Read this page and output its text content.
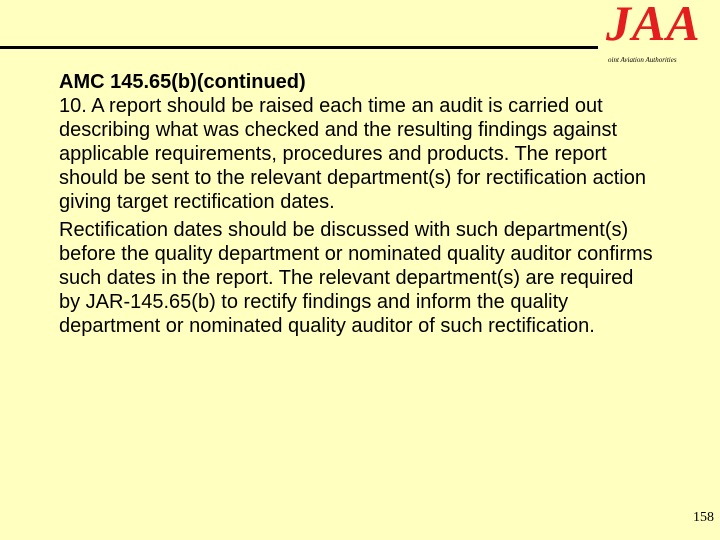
JAA
oint Aviation Authorities
AMC 145.65(b)(continued)

10. A report should be raised each time an audit is carried out describing what was checked and the resulting findings against applicable requirements, procedures and products. The report should be sent to the relevant department(s) for rectification action giving target rectification dates.

Rectification dates should be discussed with such department(s) before the quality department or nominated quality auditor confirms such dates in the report. The relevant department(s) are required by JAR-145.65(b) to rectify findings and inform the quality department or nominated quality auditor of such rectification.

158
